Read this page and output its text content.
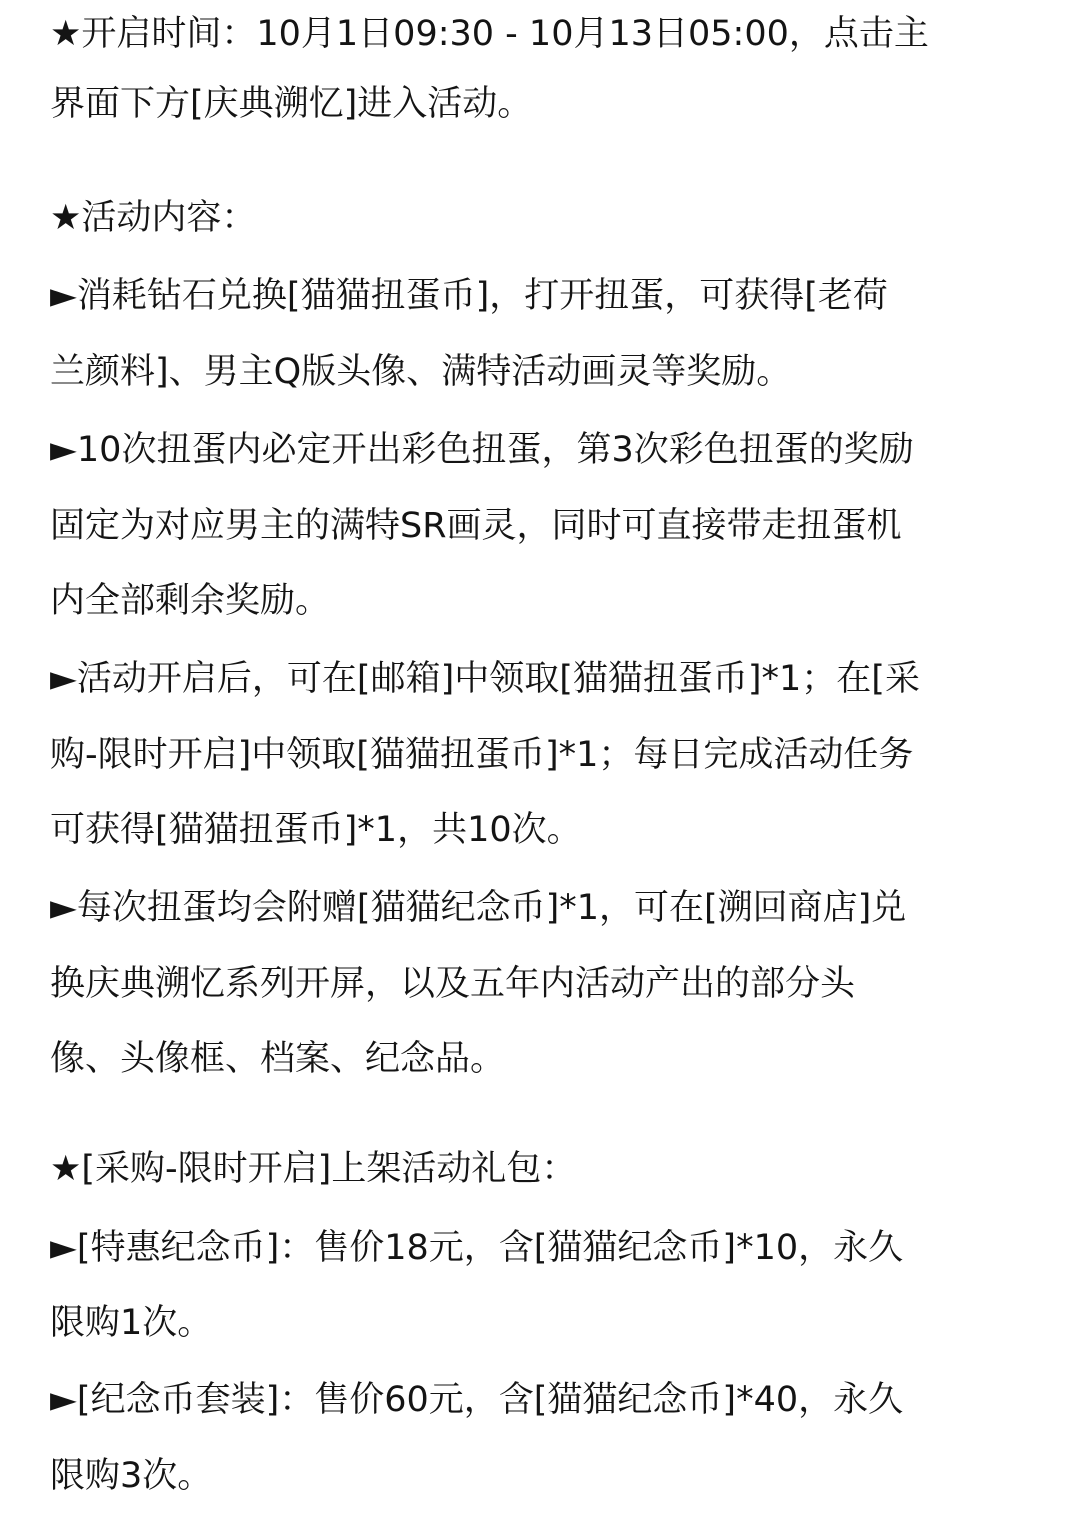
★开启时间：10月1日09:30 - 10月13日05:00，点击主
界面下方[庆典溯忆]进入活动。
★活动内容：
►消耗钻石兑换[猫猫扭蛋币]，打开扭蛋，可获得[老荷
兰颜料]、男主Q版头像、满特活动画灵等奖励。
►10次扭蛋内必定开出彩色扭蛋，第3次彩色扭蛋的奖励
固定为对应男主的满特SR画灵，同时可直接带走扭蛋机
内全部剩余奖励。
►活动开启后，可在[邮箱]中领取[猫猫扭蛋币]*1；在[采
购-限时开启]中领取[猫猫扭蛋币]*1；每日完成活动任务
可获得[猫猫扭蛋币]*1，共10次。
►每次扭蛋均会附赠[猫猫纪念币]*1，可在[溯回商店]兑
换庆典溯忆系列开屏，以及五年内活动产出的部分头
像、头像框、档案、纪念品。
★[采购-限时开启]上架活动礼包：
►[特惠纪念币]：售价18元，含[猫猫纪念币]*10，永久
限购1次。
►[纪念币套装]：售价60元，含[猫猫纪念币]*40，永久
限购3次。
